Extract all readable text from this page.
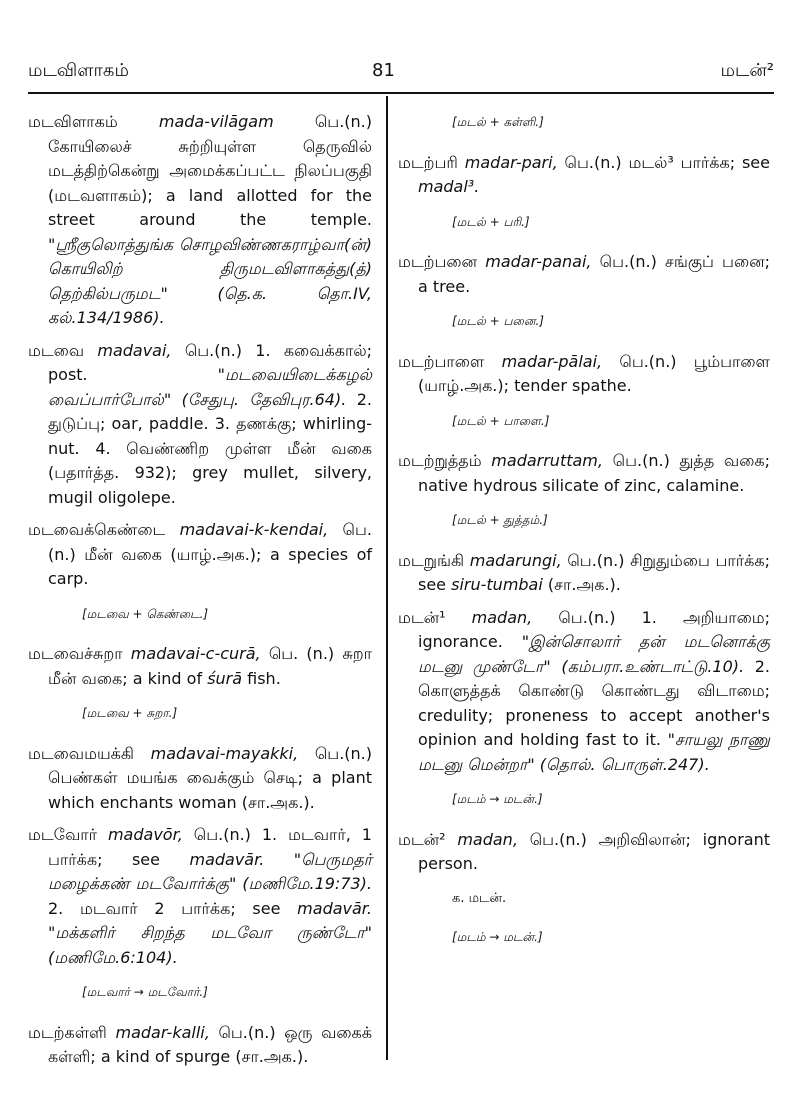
மடவிளாகம்	81	மடன்²

மடவிளாகம்	mada-vilāgam	பெ.(n.) கோயிலைச் சுற்றியுள்ள தெருவில் மடத்திற்கென்று அமைக்கப்பட்ட நிலப்பகுதி (மடவளாகம்); a land allotted for the street around the temple. "ஸ்ரீகுலொத்துங்க சொழவிண்ணகராழ்வா(ன்) கொயிலிற் திருமடவிளாகத்து(த்) தெற்கில்பருமட" (தெ.க. தொ.IV, கல்.134/1986).

மடவை madavai, பெ.(n.) 1. கவைக்கால்; post.	"மடவையிடைக்கழல் வைப்பார்போல்" (சேதுபு. தேவிபுர.64). 2. துடுப்பு; oar, paddle. 3. தணக்கு; whirling-nut. 4. வெண்ணிற முள்ள மீன் வகை (பதார்த்த. 932); grey mullet, silvery, mugil oligolepe.

மடவைக்கெண்டை madavai-k-kendai, பெ.(n.) மீன் வகை (யாழ்.அக.); a species of carp.

[மடவை + கெண்டை.]

மடவைச்சுறா madavai-c-curā, பெ. (n.) சுறா மீன் வகை; a kind of śurā fish.

[மடவை + சுறா.]

மடவைமயக்கி madavai-mayakki, பெ.(n.) பெண்கள் மயங்க வைக்கும் செடி; a plant which enchants woman (சா.அக.).

மடவோர் madavōr, பெ.(n.) 1. மடவார், 1 பார்க்க; see madavār. "பெருமதர் மழைக்கண் மடவோர்க்கு" (மணிமே.19:73). 2. மடவார் 2 பார்க்க; see madavār. "மக்களிர் சிறந்த மடவோ ருண்டோ" (மணிமே.6:104).

[மடவார் → மடவோர்.]

மடற்கள்ளி madar-kalli, பெ.(n.) ஒரு வகைக் கள்ளி; a kind of spurge (சா.அக.).

[மடல் + கள்ளி.]

மடற்பரி madar-pari, பெ.(n.) மடல்³ பார்க்க; see madal³.

[மடல் + பரி.]

மடற்பனை madar-panai, பெ.(n.) சங்குப் பனை; a tree.

[மடல் + பனை.]

மடற்பாளை madar-pālai, பெ.(n.) பூம்பாளை (யாழ்.அக.); tender spathe.

[மடல் + பாளை.]

மடற்றுத்தம் madarruttam, பெ.(n.) துத்த வகை; native hydrous silicate of zinc, calamine.

[மடல் + துத்தம்.]

மடறுங்கி madarungi, பெ.(n.) சிறுதும்பை பார்க்க; see siru-tumbai (சா.அக.).

மடன்¹ madan, பெ.(n.) 1. அறியாமை; ignorance. "இன்சொலார் தன் மடனொக்கு மடனு முண்டோ" (கம்பரா.உண்டாட்டு.10). 2. கொளுத்தக் கொண்டு கொண்டது விடாமை; credulity; proneness to accept another's opinion and holding fast to it. "சாயலு நாணு மடனு மென்றா" (தொல். பொருள்.247).

[மடம் → மடன்.]

மடன்² madan, பெ.(n.) அறிவிலான்; ignorant person.

க. மடன்.
[மடம் → மடன்.]
